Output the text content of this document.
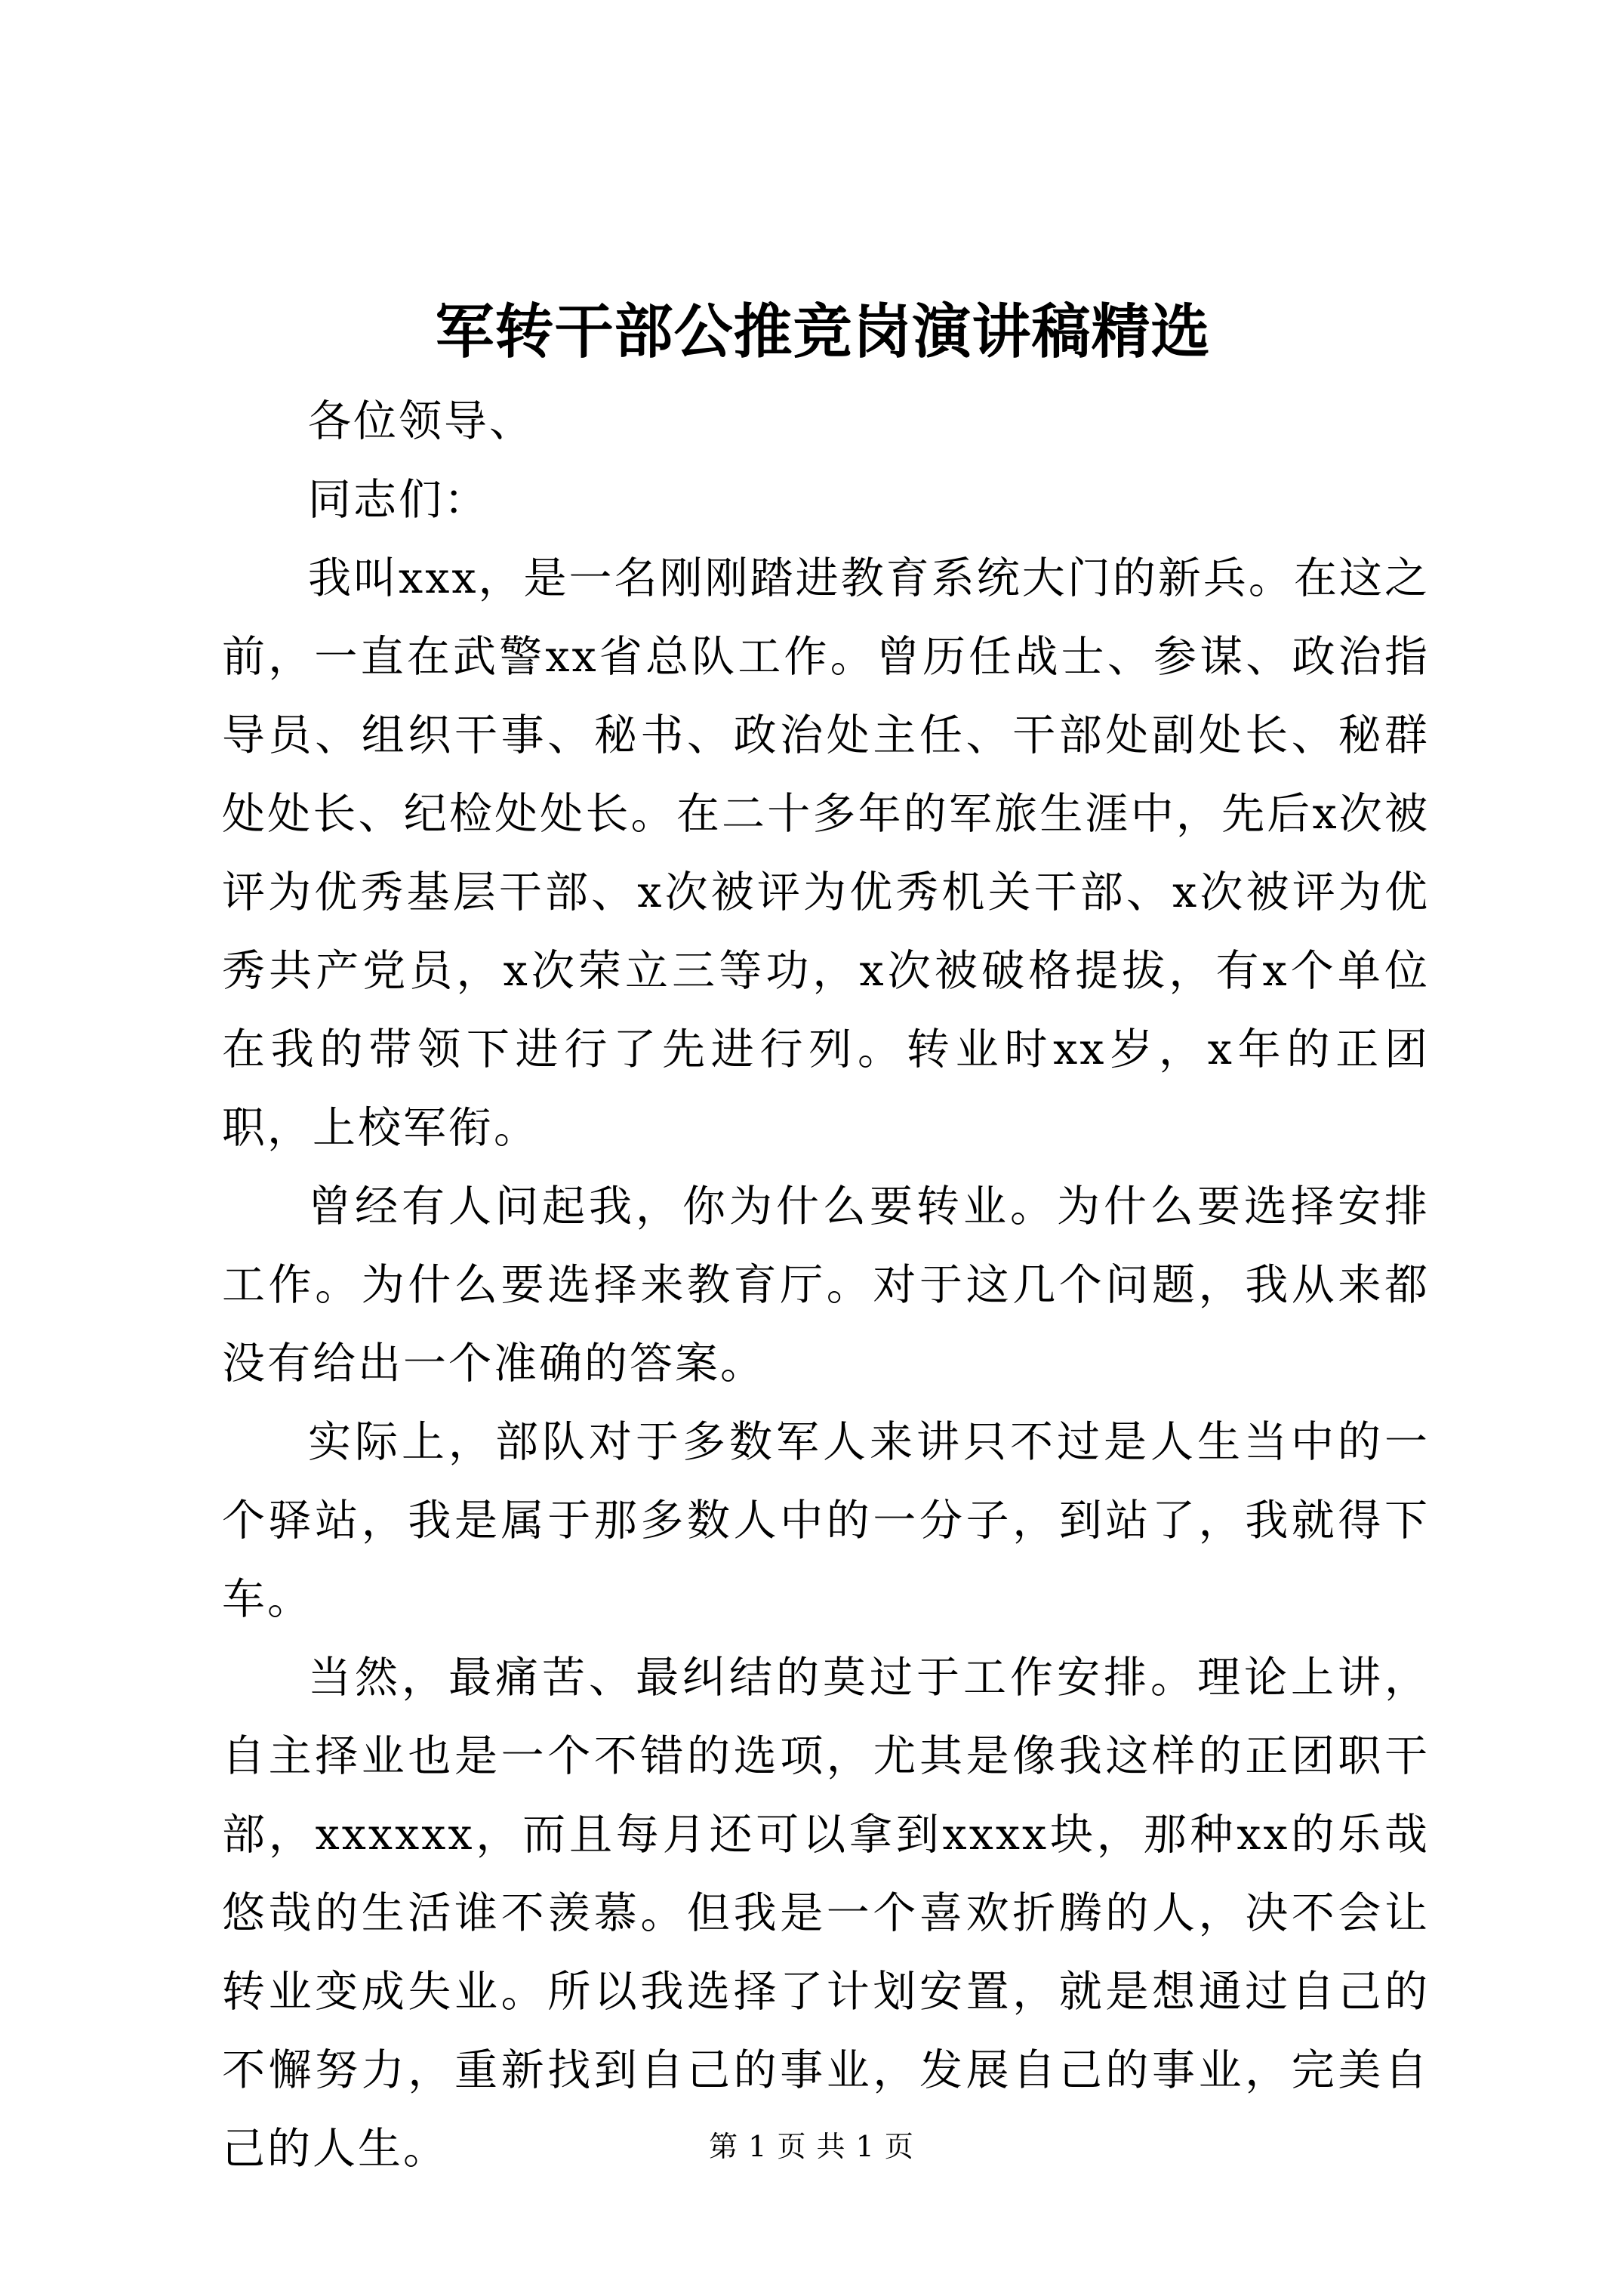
军转干部公推竞岗演讲稿精选

各位领导、

同志们：

我叫xxx，是一名刚刚踏进教育系统大门的新兵。在这之前，一直在武警xx省总队工作。曾历任战士、参谋、政治指导员、组织干事、秘书、政治处主任、干部处副处长、秘群处处长、纪检处处长。在二十多年的军旅生涯中，先后x次被评为优秀基层干部、x次被评为优秀机关干部、x次被评为优秀共产党员，x次荣立三等功，x次被破格提拔，有x个单位在我的带领下进行了先进行列。转业时xx岁，x年的正团职，上校军衔。

曾经有人问起我，你为什么要转业。为什么要选择安排工作。为什么要选择来教育厅。对于这几个问题，我从来都没有给出一个准确的答案。

实际上，部队对于多数军人来讲只不过是人生当中的一个驿站，我是属于那多数人中的一分子，到站了，我就得下车。

当然，最痛苦、最纠结的莫过于工作安排。理论上讲，自主择业也是一个不错的选项，尤其是像我这样的正团职干部，xxxxxx，而且每月还可以拿到xxxx块，那种xx的乐哉悠哉的生活谁不羡慕。但我是一个喜欢折腾的人，决不会让转业变成失业。所以我选择了计划安置，就是想通过自己的不懈努力，重新找到自己的事业，发展自己的事业，完美自己的人生。	第 1 页 共 1 页
